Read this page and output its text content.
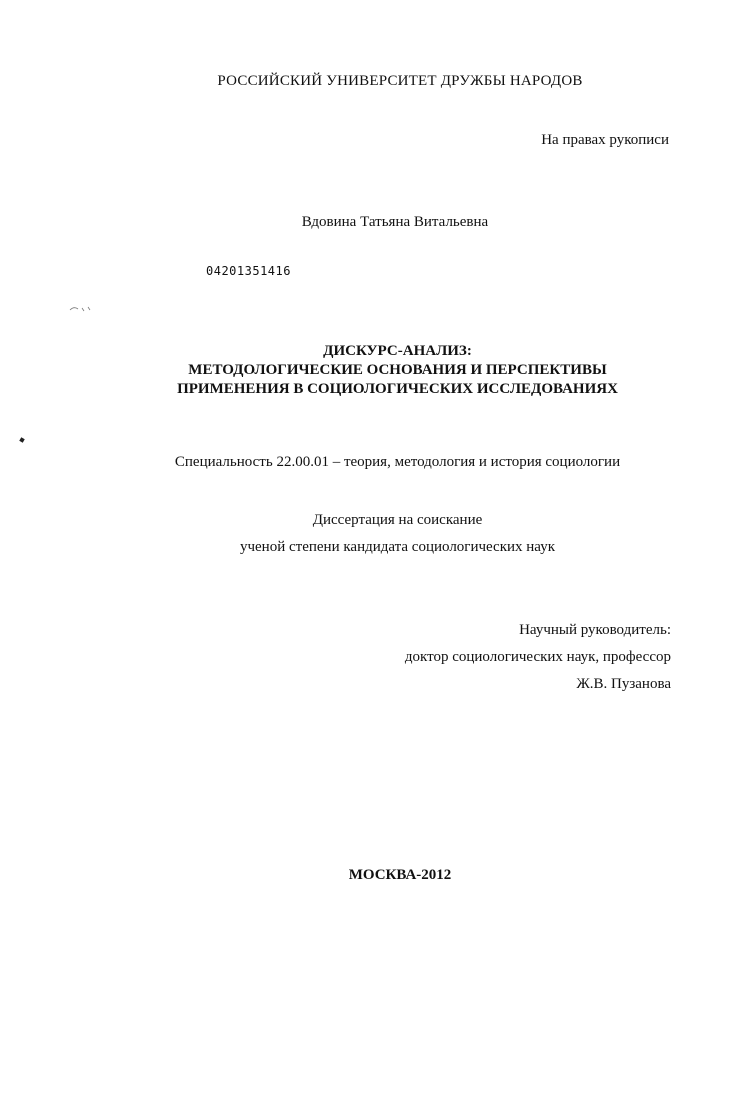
РОССИЙСКИЙ УНИВЕРСИТЕТ ДРУЖБЫ НАРОДОВ
На правах рукописи
Вдовина Татьяна Витальевна
04201351416
ДИСКУРС-АНАЛИЗ:
МЕТОДОЛОГИЧЕСКИЕ ОСНОВАНИЯ И ПЕРСПЕКТИВЫ
ПРИМЕНЕНИЯ В СОЦИОЛОГИЧЕСКИХ ИССЛЕДОВАНИЯХ
Специальность 22.00.01 – теория, методология и история социологии
Диссертация на соискание
ученой степени кандидата социологических наук
Научный руководитель:
доктор социологических наук, профессор
Ж.В. Пузанова
МОСКВА-2012
